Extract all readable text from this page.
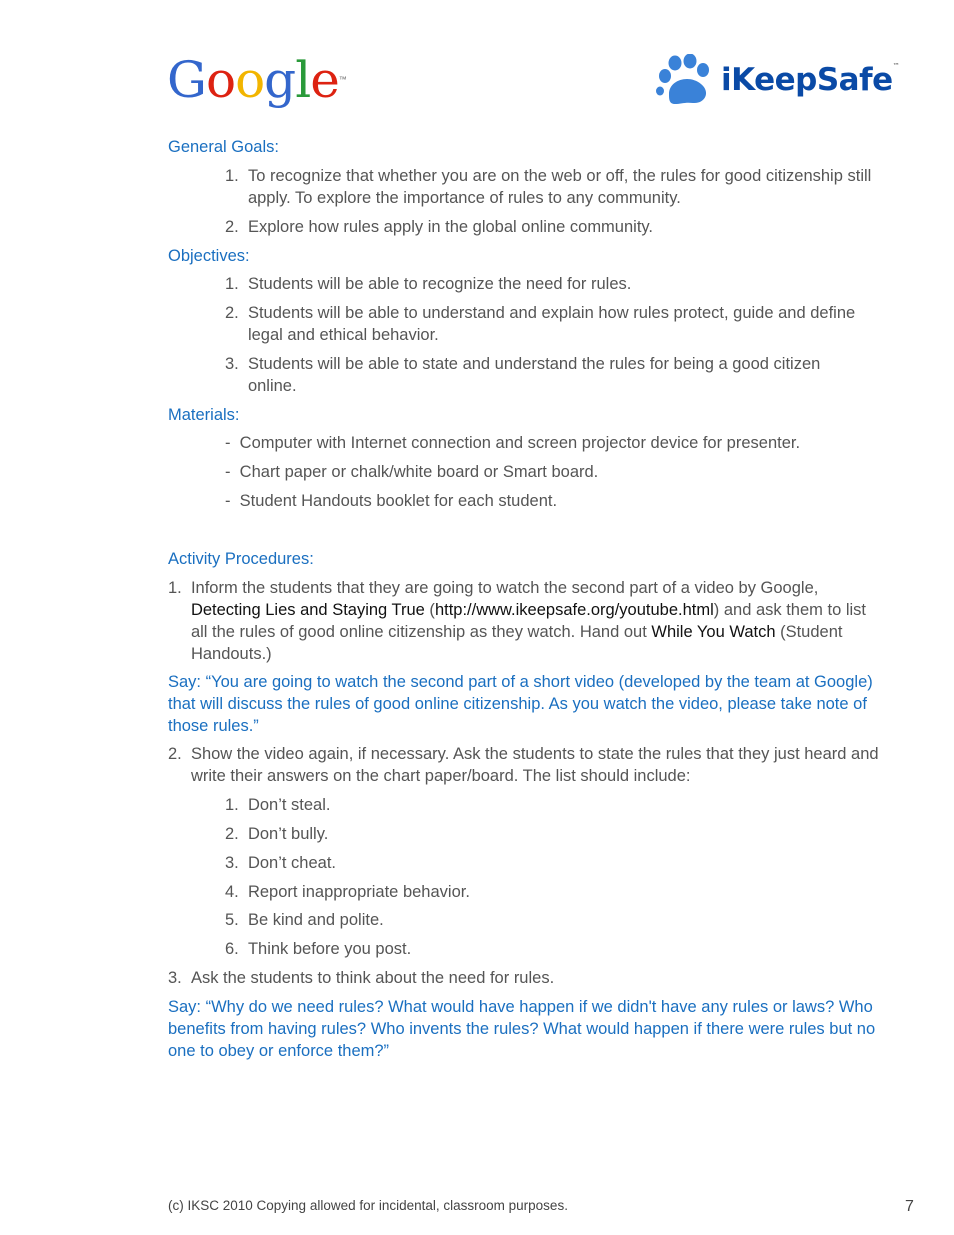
Google™	iKeepSafe™
General Goals:
1. To recognize that whether you are on the web or off, the rules for good citizenship still apply. To explore the importance of rules to any community.
2. Explore how rules apply in the global online community.
Objectives:
1. Students will be able to recognize the need for rules.
2. Students will be able to understand and explain how rules protect, guide and define legal and ethical behavior.
3. Students will be able to state and understand the rules for being a good citizen online.
Materials:
- Computer with Internet connection and screen projector device for presenter.
- Chart paper or chalk/white board or Smart board.
- Student Handouts booklet for each student.
Activity Procedures:
1. Inform the students that they are going to watch the second part of a video by Google, Detecting Lies and Staying True (http://www.ikeepsafe.org/youtube.html) and ask them to list all the rules of good online citizenship as they watch. Hand out While You Watch (Student Handouts.)
Say: “You are going to watch the second part of a short video (developed by the team at Google) that will discuss the rules of good online citizenship. As you watch the video, please take note of those rules.”
2. Show the video again, if necessary. Ask the students to state the rules that they just heard and write their answers on the chart paper/board. The list should include:
1. Don’t steal.
2. Don’t bully.
3. Don’t cheat.
4. Report inappropriate behavior.
5. Be kind and polite.
6. Think before you post.
3. Ask the students to think about the need for rules.
Say: “Why do we need rules? What would have happen if we didn't have any rules or laws? Who benefits from having rules? Who invents the rules? What would happen if there were rules but no one to obey or enforce them?”
(c) IKSC 2010 Copying allowed for incidental, classroom purposes.	7
